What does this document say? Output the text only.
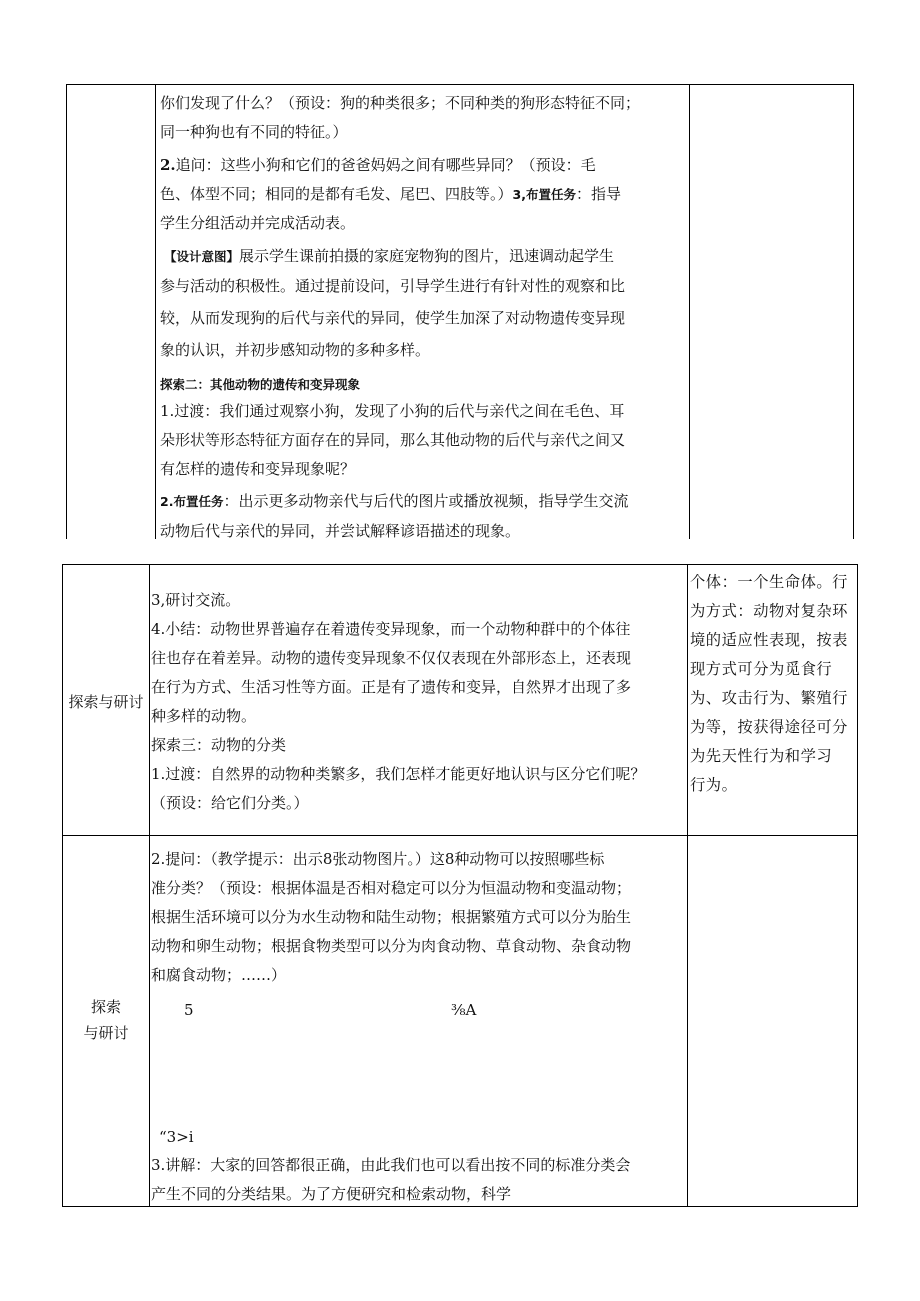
你们发现了什么？（预设：狗的种类很多；不同种类的狗形态特征不同；

同一种狗也有不同的特征。）

2.追问：这些小狗和它们的爸爸妈妈之间有哪些异同？（预设：毛

色、体型不同；相同的是都有毛发、尾巴、四肢等。）3,布置任务：指导

学生分组活动并完成活动表。

【设计意图】展示学生课前拍摄的家庭宠物狗的图片，迅速调动起学生

参与活动的积极性。通过提前设问，引导学生进行有针对性的观察和比

较，从而发现狗的后代与亲代的异同，使学生加深了对动物遗传变异现

象的认识，并初步感知动物的多种多样。

探索二：其他动物的遗传和变异现象

1.过渡：我们通过观察小狗，发现了小狗的后代与亲代之间在毛色、耳

朵形状等形态特征方面存在的异同，那么其他动物的后代与亲代之间又

有怎样的遗传和变异现象呢？

2.布置任务：出示更多动物亲代与后代的图片或播放视频，指导学生交流

动物后代与亲代的异同，并尝试解释谚语描述的现象。

探索与研讨

3,研讨交流。

4.小结：动物世界普遍存在着遗传变异现象，而一个动物种群中的个体往

往也存在着差异。动物的遗传变异现象不仅仅表现在外部形态上，还表现

在行为方式、生活习性等方面。正是有了遗传和变异，自然界才出现了多

种多样的动物。

探索三：动物的分类

1.过渡：自然界的动物种类繁多，我们怎样才能更好地认识与区分它们呢？

（预设：给它们分类。）

个体：一个生命体。行

为方式：动物对复杂环

境的适应性表现，按表

现方式可分为觅食行

为、攻击行为、繁殖行

为等，按获得途径可分

为先天性行为和学习

行为。

探索
与研讨

2.提问：（教学提示：出示8张动物图片。）这8种动物可以按照哪些标

准分类？（预设：根据体温是否相对稳定可以分为恒温动物和变温动物；

根据生活环境可以分为水生动物和陆生动物；根据繁殖方式可以分为胎生

动物和卵生动物；根据食物类型可以分为肉食动物、草食动物、杂食动物

和腐食动物；……）

5	⅜A
“3>i

3.讲解：大家的回答都很正确，由此我们也可以看出按不同的标准分类会

产生不同的分类结果。为了方便研究和检索动物，科学
